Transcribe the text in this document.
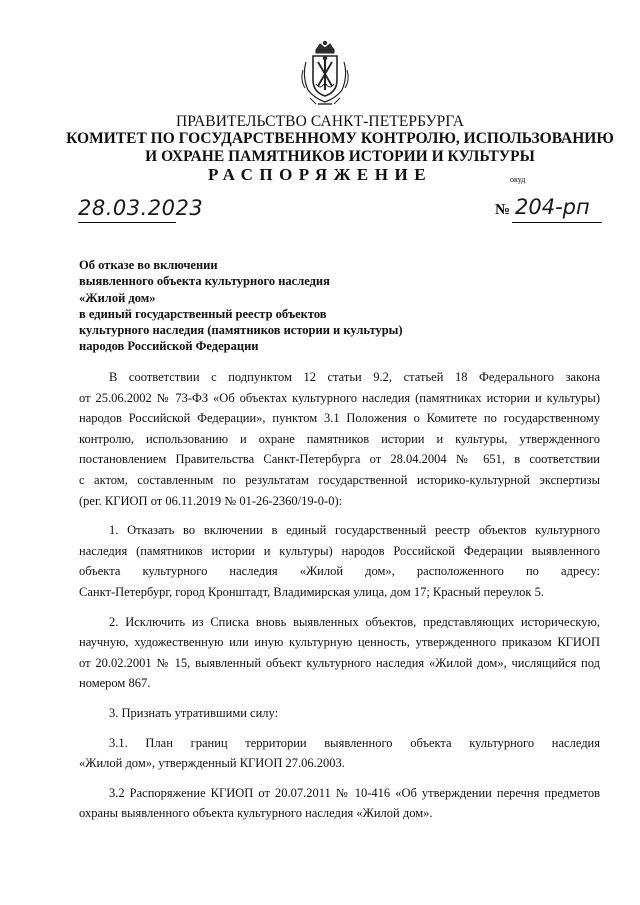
ПРАВИТЕЛЬСТВО САНКТ-ПЕТЕРБУРГА
КОМИТЕТ ПО ГОСУДАРСТВЕННОМУ КОНТРОЛЮ, ИСПОЛЬЗОВАНИЮ
И ОХРАНЕ ПАМЯТНИКОВ ИСТОРИИ И КУЛЬТУРЫ
РАСПОРЯЖЕНИЕ	окуд
28.03.2023	№ 204-рп
Об отказе во включении
выявленного объекта культурного наследия
«Жилой дом»
в единый государственный реестр объектов
культурного наследия (памятников истории и культуры)
народов Российской Федерации
В соответствии с подпунктом 12 статьи 9.2, статьей 18 Федерального закона
от 25.06.2002 № 73-ФЗ «Об объектах культурного наследия (памятниках истории и культуры)
народов Российской Федерации», пунктом 3.1 Положения о Комитете по государственному
контролю, использованию и охране памятников истории и культуры, утвержденного
постановлением Правительства Санкт-Петербурга от 28.04.2004 № 651, в соответствии
с актом, составленным по результатам государственной историко-культурной экспертизы
(рег. КГИОП от 06.11.2019 № 01-26-2360/19-0-0):
1. Отказать во включении в единый государственный реестр объектов культурного
наследия (памятников истории и культуры) народов Российской Федерации выявленного
объекта культурного наследия «Жилой дом», расположенного по адресу:
Санкт-Петербург, город Кронштадт, Владимирская улица, дом 17; Красный переулок 5.
2. Исключить из Списка вновь выявленных объектов, представляющих историческую,
научную, художественную или иную культурную ценность, утвержденного приказом КГИОП
от 20.02.2001 № 15, выявленный объект культурного наследия «Жилой дом», числящийся под
номером 867.
3. Признать утратившими силу:
3.1. План границ территории выявленного объекта культурного наследия
«Жилой дом», утвержденный КГИОП 27.06.2003.
3.2 Распоряжение КГИОП от 20.07.2011 № 10-416 «Об утверждении перечня предметов
охраны выявленного объекта культурного наследия «Жилой дом».
